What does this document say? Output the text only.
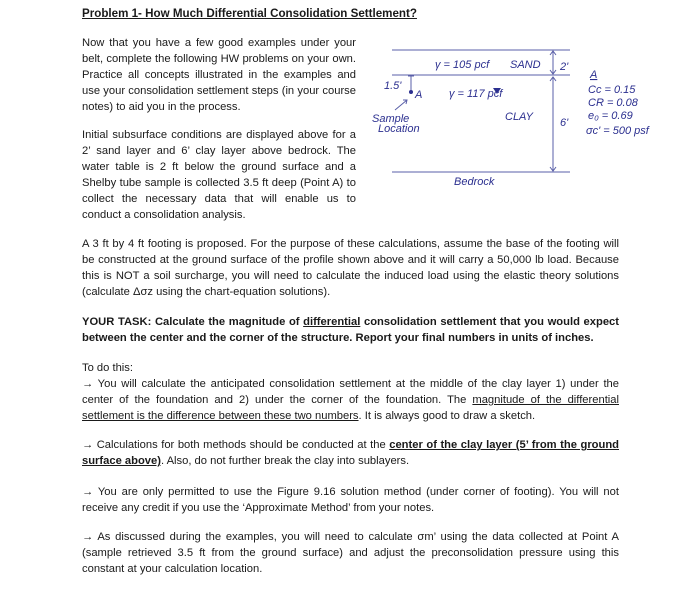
Problem 1- How Much Differential Consolidation Settlement?
Now that you have a few good examples under your belt, complete the following HW problems on your own. Practice all concepts illustrated in the examples and use your consolidation settlement steps (in your course notes) to aid you in the process.
Initial subsurface conditions are displayed above for a 2’ sand layer and 6’ clay layer above bedrock. The water table is 2 ft below the ground surface and a Shelby tube sample is collected 3.5 ft deep (Point A) to collect the necessary data that will enable us to conduct a consolidation analysis.
γ = 105 pcf SAND 2'
γ = 117 pcf
CLAY 6'
1.5'
A
Sample
Location
Bedrock
A
Cc = 0.15
CR = 0.08
e₀ = 0.69
σc' = 500 psf
A 3 ft by 4 ft footing is proposed. For the purpose of these calculations, assume the base of the footing will be constructed at the ground surface of the profile shown above and it will carry a 50,000 lb load. Because this is NOT a soil surcharge, you will need to calculate the induced load using the elastic theory solutions (calculate Δσz using the chart-equation solutions).
YOUR TASK: Calculate the magnitude of differential consolidation settlement that you would expect between the center and the corner of the structure. Report your final numbers in units of inches.
To do this:
→ You will calculate the anticipated consolidation settlement at the middle of the clay layer 1) under the center of the foundation and 2) under the corner of the foundation. The magnitude of the differential settlement is the difference between these two numbers. It is always good to draw a sketch.
→ Calculations for both methods should be conducted at the center of the clay layer (5’ from the ground surface above). Also, do not further break the clay into sublayers.
→ You are only permitted to use the Figure 9.16 solution method (under corner of footing). You will not receive any credit if you use the ‘Approximate Method’ from your notes.
→ As discussed during the examples, you will need to calculate σm’ using the data collected at Point A (sample retrieved 3.5 ft from the ground surface) and adjust the preconsolidation pressure using this constant at your calculation location.
